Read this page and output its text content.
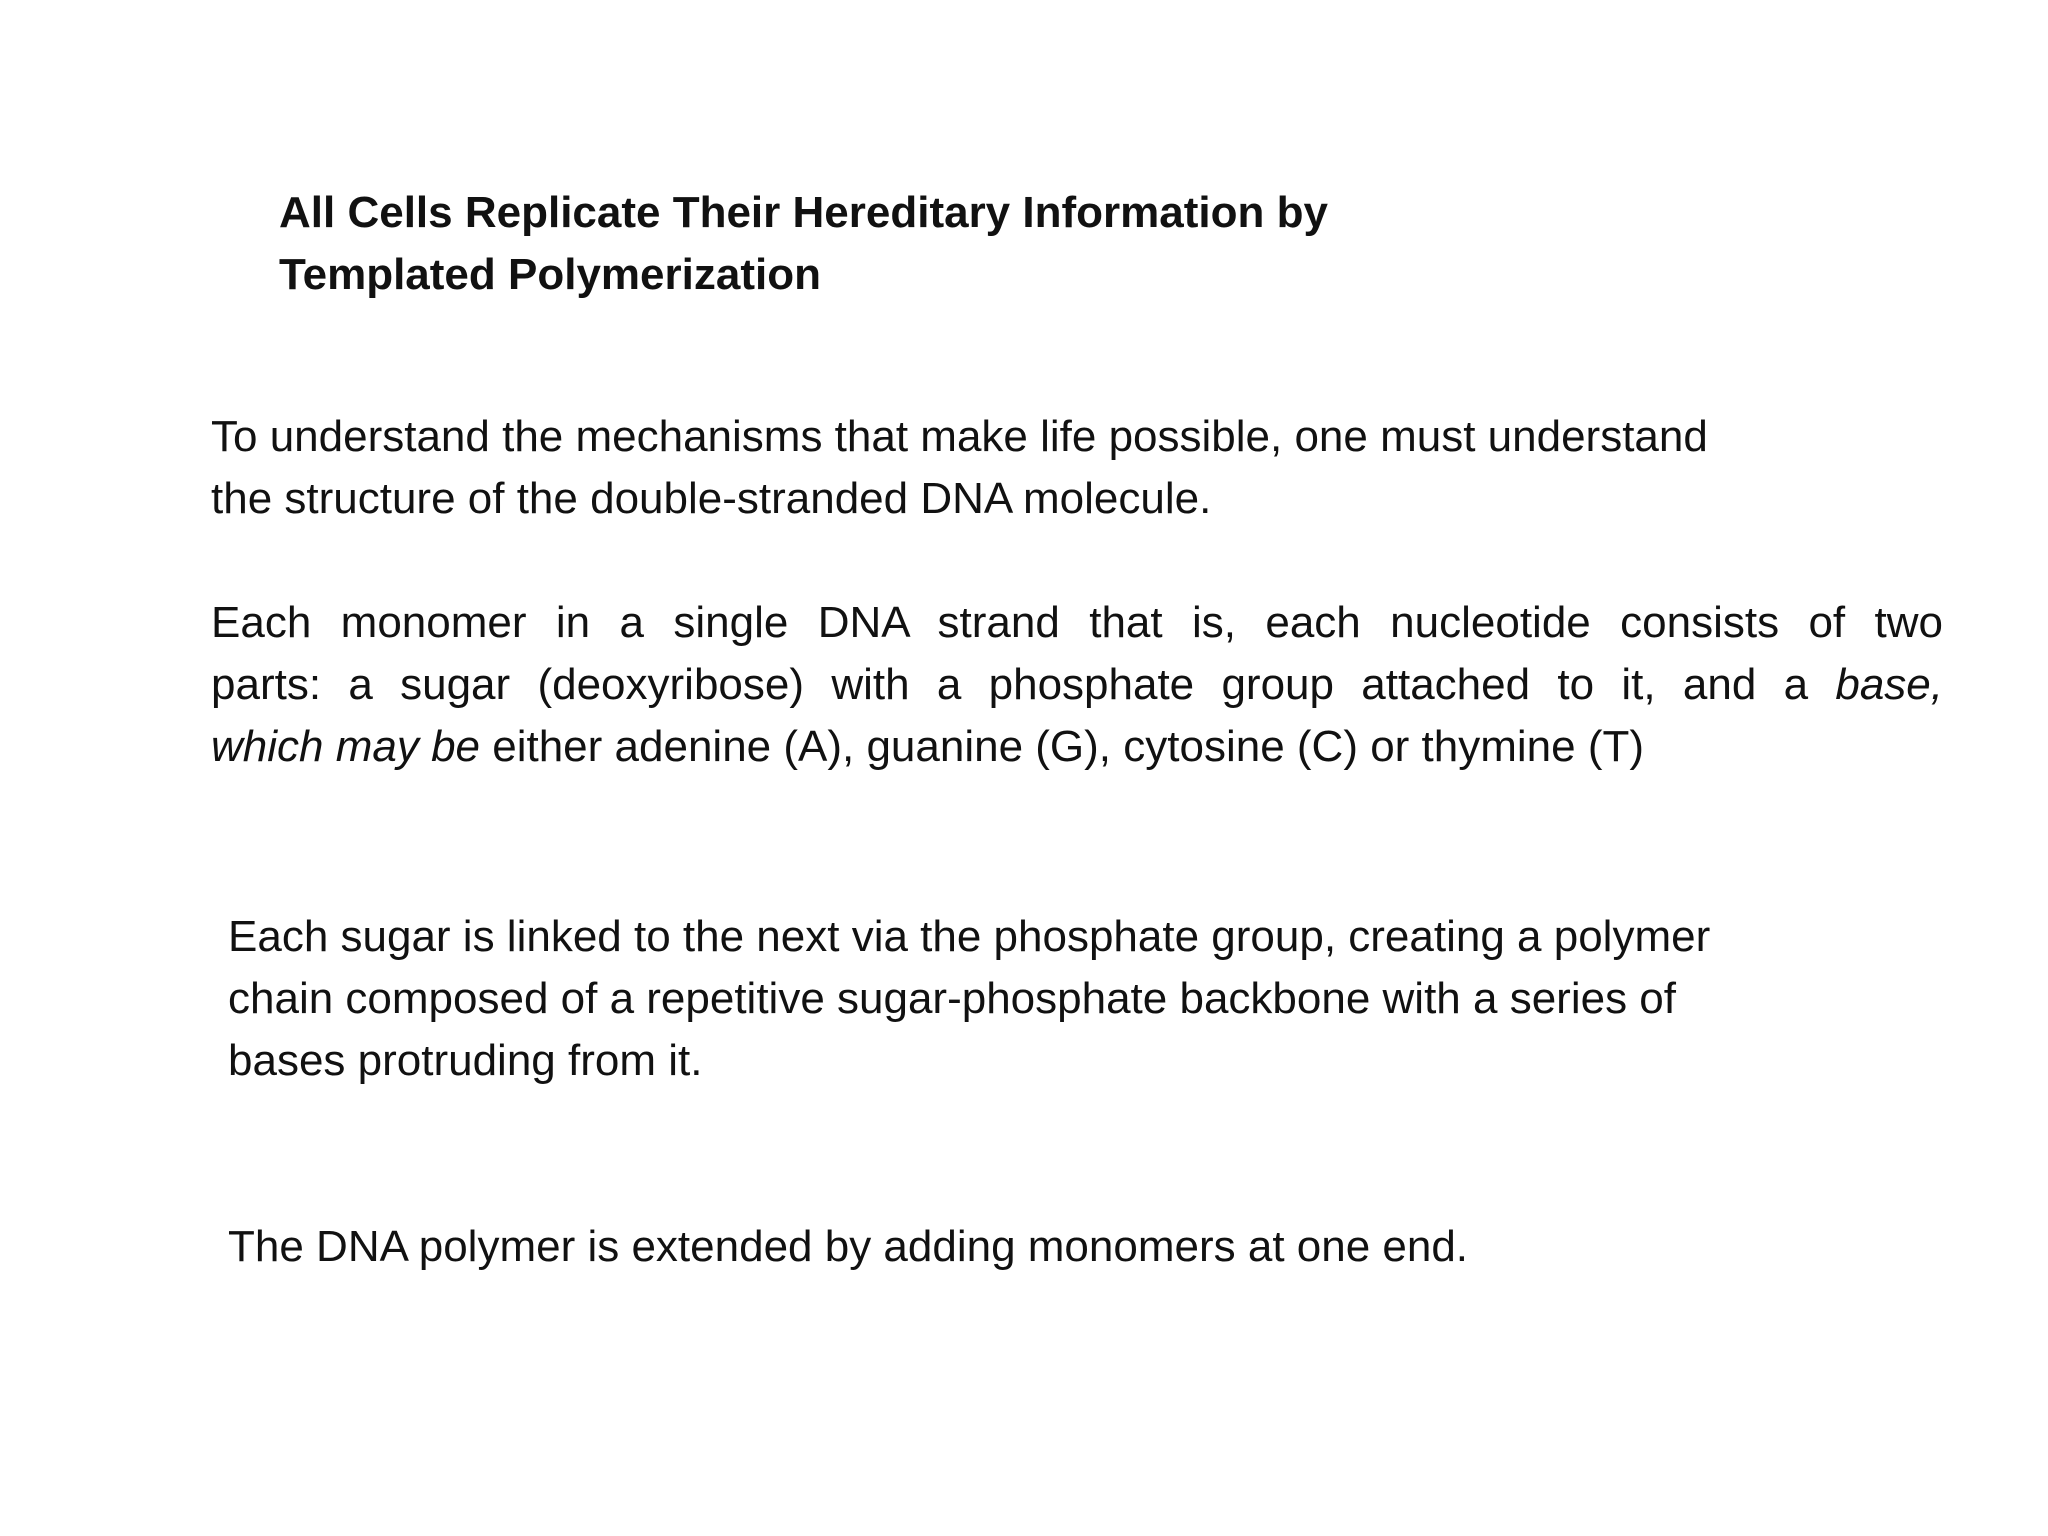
All Cells Replicate Their Hereditary Information by
Templated Polymerization

To understand the mechanisms that make life possible, one must understand
the structure of the double-stranded DNA molecule.

Each monomer in a single DNA strand that is, each nucleotide consists of two
parts: a sugar (deoxyribose) with a phosphate group attached to it, and a base,
which may be either adenine (A), guanine (G), cytosine (C) or thymine (T)

Each sugar is linked to the next via the phosphate group, creating a polymer
chain composed of a repetitive sugar-phosphate backbone with a series of
bases protruding from it.

The DNA polymer is extended by adding monomers at one end.
